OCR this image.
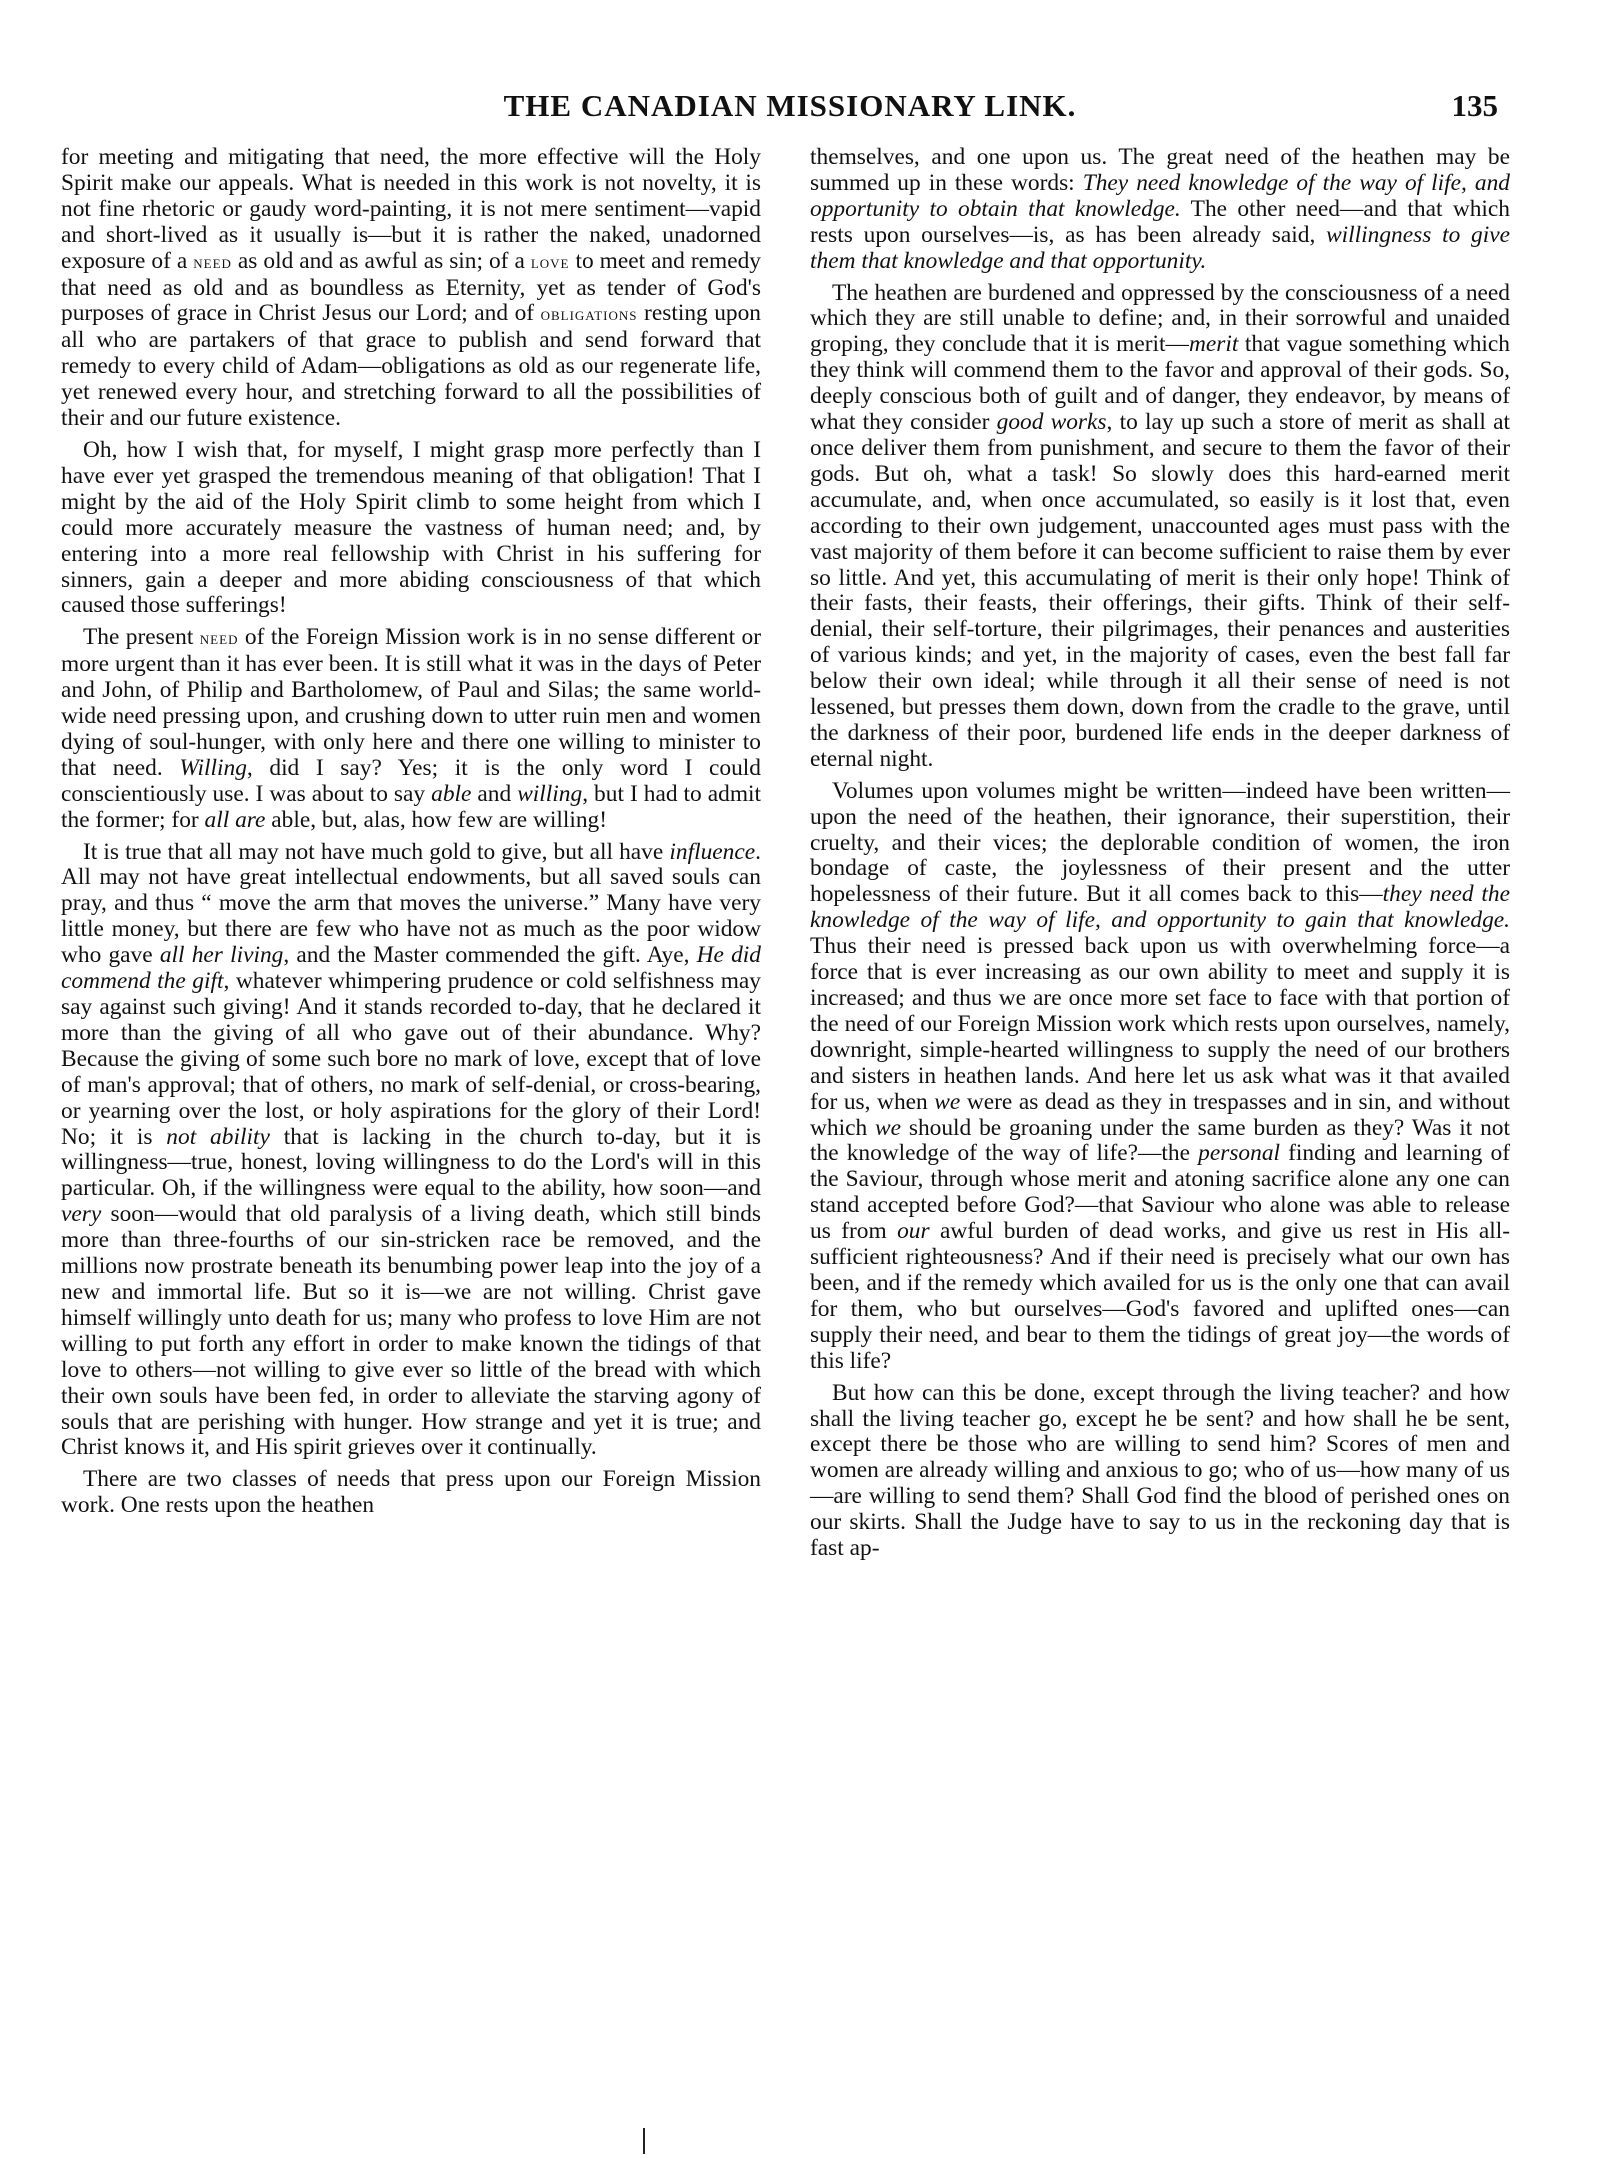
THE CANADIAN MISSIONARY LINK.	135

for meeting and mitigating that need, the more effective will the Holy Spirit make our appeals. What is needed in this work is not novelty, it is not fine rhetoric or gaudy word-painting, it is not mere sentiment—vapid and short-lived as it usually is—but it is rather the naked, unadorned exposure of a need as old and as awful as sin; of a love to meet and remedy that need as old and as boundless as Eternity, yet as tender of God's purposes of grace in Christ Jesus our Lord; and of obligations resting upon all who are partakers of that grace to publish and send forward that remedy to every child of Adam—obligations as old as our regenerate life, yet renewed every hour, and stretching forward to all the possibilities of their and our future existence.

Oh, how I wish that, for myself, I might grasp more perfectly than I have ever yet grasped the tremendous meaning of that obligation! That I might by the aid of the Holy Spirit climb to some height from which I could more accurately measure the vastness of human need; and, by entering into a more real fellowship with Christ in his suffering for sinners, gain a deeper and more abiding consciousness of that which caused those sufferings!

The present need of the Foreign Mission work is in no sense different or more urgent than it has ever been. It is still what it was in the days of Peter and John, of Philip and Bartholomew, of Paul and Silas; the same world-wide need pressing upon, and crushing down to utter ruin men and women dying of soul-hunger, with only here and there one willing to minister to that need. Willing, did I say? Yes; it is the only word I could conscientiously use. I was about to say able and willing, but I had to admit the former; for all are able, but, alas, how few are willing!

It is true that all may not have much gold to give, but all have influence. All may not have great intellectual endowments, but all saved souls can pray, and thus “ move the arm that moves the universe.” Many have very little money, but there are few who have not as much as the poor widow who gave all her living, and the Master commended the gift. Aye, He did commend the gift, whatever whimpering prudence or cold selfishness may say against such giving! And it stands recorded to-day, that he declared it more than the giving of all who gave out of their abundance. Why? Because the giving of some such bore no mark of love, except that of love of man's approval; that of others, no mark of self-denial, or cross-bearing, or yearning over the lost, or holy aspirations for the glory of their Lord! No; it is not ability that is lacking in the church to-day, but it is willingness—true, honest, loving willingness to do the Lord's will in this particular. Oh, if the willingness were equal to the ability, how soon—and very soon—would that old paralysis of a living death, which still binds more than three-fourths of our sin-stricken race be removed, and the millions now prostrate beneath its benumbing power leap into the joy of a new and immortal life. But so it is—we are not willing. Christ gave himself willingly unto death for us; many who profess to love Him are not willing to put forth any effort in order to make known the tidings of that love to others—not willing to give ever so little of the bread with which their own souls have been fed, in order to alleviate the starving agony of souls that are perishing with hunger. How strange and yet it is true; and Christ knows it, and His spirit grieves over it continually.

There are two classes of needs that press upon our Foreign Mission work. One rests upon the heathen

themselves, and one upon us. The great need of the heathen may be summed up in these words: They need knowledge of the way of life, and opportunity to obtain that knowledge. The other need—and that which rests upon ourselves—is, as has been already said, willingness to give them that knowledge and that opportunity.

The heathen are burdened and oppressed by the consciousness of a need which they are still unable to define; and, in their sorrowful and unaided groping, they conclude that it is merit—merit that vague something which they think will commend them to the favor and approval of their gods. So, deeply conscious both of guilt and of danger, they endeavor, by means of what they consider good works, to lay up such a store of merit as shall at once deliver them from punishment, and secure to them the favor of their gods. But oh, what a task! So slowly does this hard-earned merit accumulate, and, when once accumulated, so easily is it lost that, even according to their own judgement, unaccounted ages must pass with the vast majority of them before it can become sufficient to raise them by ever so little. And yet, this accumulating of merit is their only hope! Think of their fasts, their feasts, their offerings, their gifts. Think of their self-denial, their self-torture, their pilgrimages, their penances and austerities of various kinds; and yet, in the majority of cases, even the best fall far below their own ideal; while through it all their sense of need is not lessened, but presses them down, down from the cradle to the grave, until the darkness of their poor, burdened life ends in the deeper darkness of eternal night.

Volumes upon volumes might be written—indeed have been written—upon the need of the heathen, their ignorance, their superstition, their cruelty, and their vices; the deplorable condition of women, the iron bondage of caste, the joylessness of their present and the utter hopelessness of their future. But it all comes back to this—they need the knowledge of the way of life, and opportunity to gain that knowledge. Thus their need is pressed back upon us with overwhelming force—a force that is ever increasing as our own ability to meet and supply it is increased; and thus we are once more set face to face with that portion of the need of our Foreign Mission work which rests upon ourselves, namely, downright, simple-hearted willingness to supply the need of our brothers and sisters in heathen lands. And here let us ask what was it that availed for us, when we were as dead as they in trespasses and in sin, and without which we should be groaning under the same burden as they? Was it not the knowledge of the way of life?—the personal finding and learning of the Saviour, through whose merit and atoning sacrifice alone any one can stand accepted before God?—that Saviour who alone was able to release us from our awful burden of dead works, and give us rest in His all-sufficient righteousness? And if their need is precisely what our own has been, and if the remedy which availed for us is the only one that can avail for them, who but ourselves—God's favored and uplifted ones—can supply their need, and bear to them the tidings of great joy—the words of this life?

But how can this be done, except through the living teacher? and how shall the living teacher go, except he be sent? and how shall he be sent, except there be those who are willing to send him? Scores of men and women are already willing and anxious to go; who of us—how many of us—are willing to send them? Shall God find the blood of perished ones on our skirts. Shall the Judge have to say to us in the reckoning day that is fast ap-
